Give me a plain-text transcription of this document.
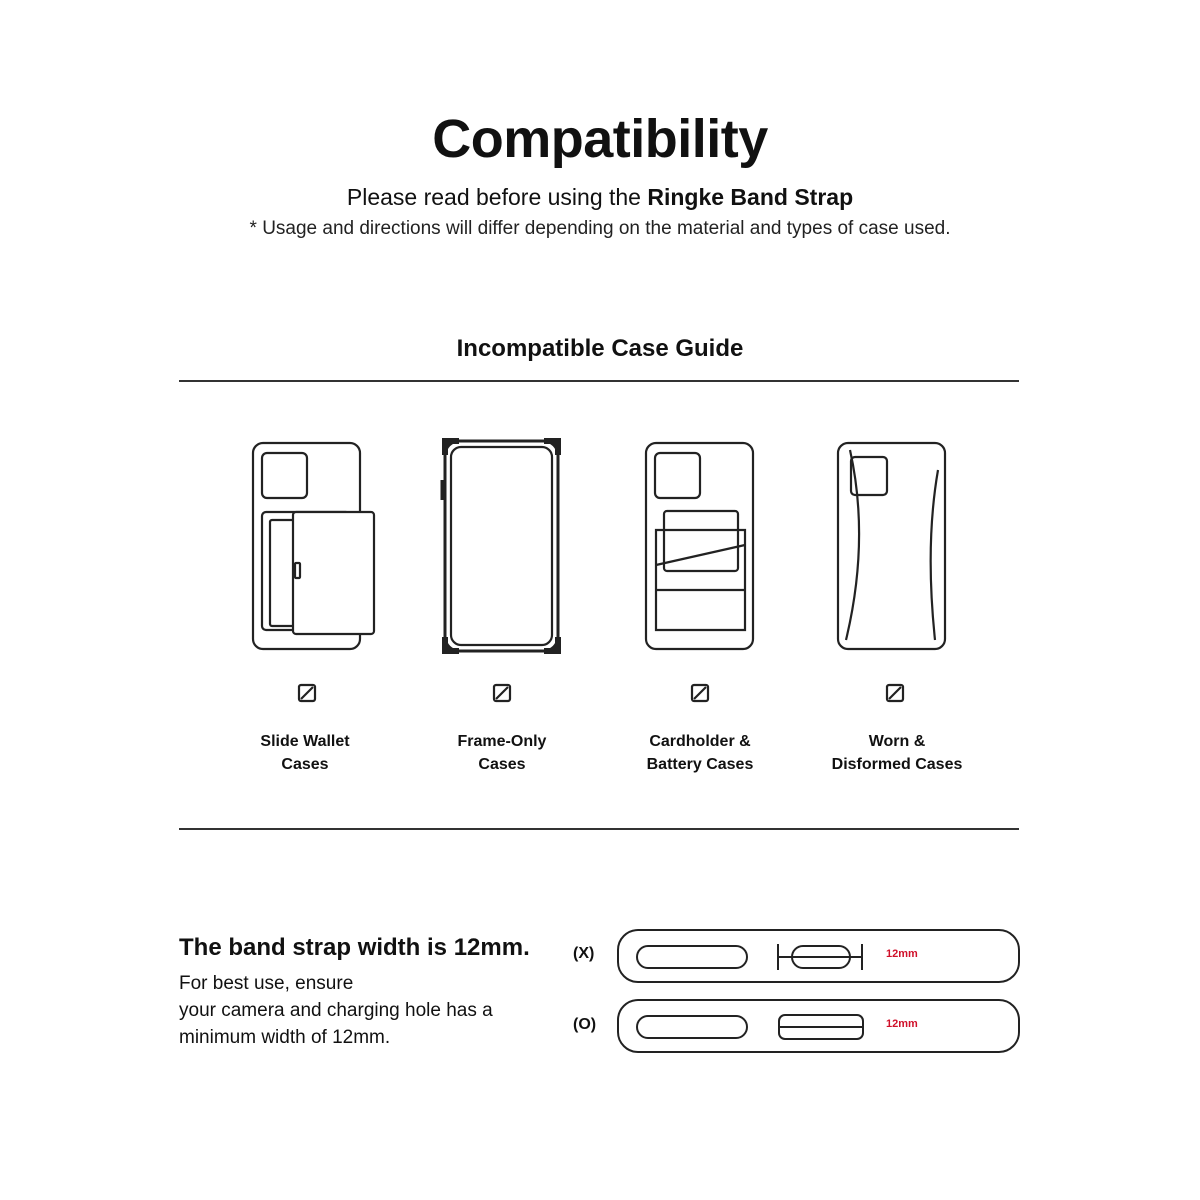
Compatibility
Please read before using the Ringke Band Strap
* Usage and directions will differ depending on the material and types of case used.
Incompatible Case Guide
Slide Wallet
Cases
Frame-Only
Cases
Cardholder &
Battery Cases
Worn &
Disformed Cases
The band strap width is 12mm.
For best use, ensure
your camera and charging hole has a
minimum width of 12mm.
(X)
(O)
12mm
12mm
